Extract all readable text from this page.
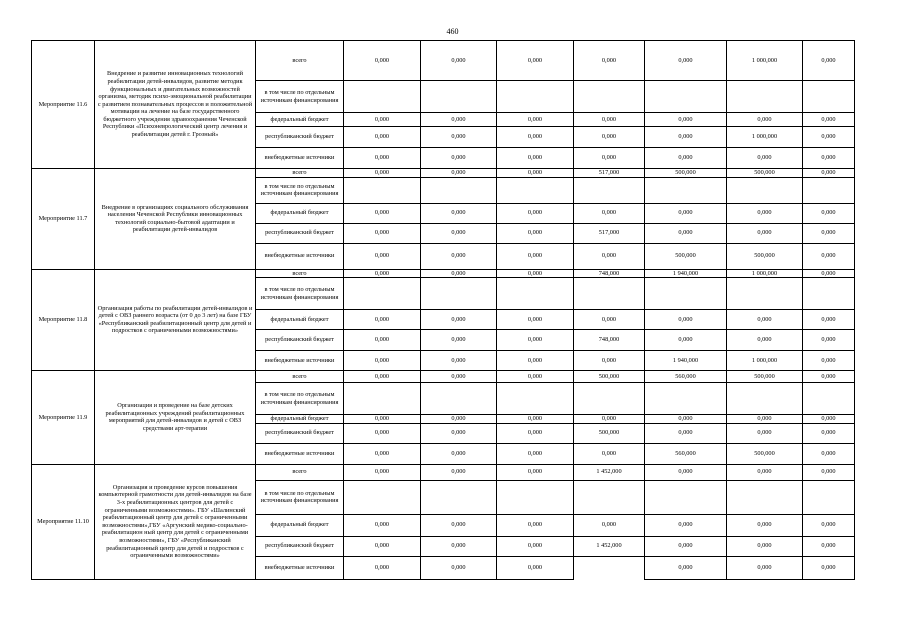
460
Мероприятие 11.6	Внедрение и развитие инновационных технологий реабилитации детей-инвалидов, развитие методик функциональных и двигательных возможностей организма, методик психо-эмоциональной реабилитации с развитием познавательных процессов и положительной мотивации на лечение на базе государственного бюджетного учреждения здравоохранения Чеченской Республики «Психоневрологический центр лечения и реабилитации детей г. Грозный»	всего	0,000	0,000	0,000	0,000	0,000	1 000,000	0,000
		в том числе по отдельным источникам финансирования							
		федеральный бюджет	0,000	0,000	0,000	0,000	0,000	0,000	0,000
		республиканский бюджет	0,000	0,000	0,000	0,000	0,000	1 000,000	0,000
		внебюджетные источники	0,000	0,000	0,000	0,000	0,000	0,000	0,000
Мероприятие 11.7	Внедрение в организациях социального обслуживания населения Чеченской Республики инновационных технологий социально-бытовой адаптации и реабилитации детей-инвалидов	всего	0,000	0,000	0,000	517,000	500,000	500,000	0,000
		в том числе по отдельным источникам финансирования							
		федеральный бюджет	0,000	0,000	0,000	0,000	0,000	0,000	0,000
		республиканский бюджет	0,000	0,000	0,000	517,000	0,000	0,000	0,000
		внебюджетные источники	0,000	0,000	0,000	0,000	500,000	500,000	0,000
Мероприятие 11.8	Организация работы по реабилитации детей-инвалидов и детей с ОВЗ раннего возраста (от 0 до 3 лет) на базе ГБУ «Республиканский реабилитационный центр для детей и подростков с ограниченными возможностями»	всего	0,000	0,000	0,000	748,000	1 940,000	1 000,000	0,000
		в том числе по отдельным источникам финансирования							
		федеральный бюджет	0,000	0,000	0,000	0,000	0,000	0,000	0,000
		республиканский бюджет	0,000	0,000	0,000	748,000	0,000	0,000	0,000
		внебюджетные источники	0,000	0,000	0,000	0,000	1 940,000	1 000,000	0,000
Мероприятие 11.9	Организация и проведение на базе детских реабилитационных учреждений реабилитационных мероприятий для детей-инвалидов и детей с ОВЗ средствами арт-терапии	всего	0,000	0,000	0,000	500,000	560,000	500,000	0,000
		в том числе по отдельным источникам финансирования							
		федеральный бюджет	0,000	0,000	0,000	0,000	0,000	0,000	0,000
		республиканский бюджет	0,000	0,000	0,000	500,000	0,000	0,000	0,000
		внебюджетные источники	0,000	0,000	0,000	0,000	560,000	500,000	0,000
Мероприятие 11.10	Организация и проведение курсов повышения компьютерной грамотности для детей-инвалидов на базе 3-х реабилитационных центров для детей с ограниченными возможностями». ГБУ «Шалинский реабилитационный центр для детей с ограниченными возможностями»,ГБУ «Аргунский медико-социально-реабилитацион ный центр для детей с ограниченными возможностями», ГБУ «Республиканский реабилитационный центр для детей и подростков с ограниченными возможностями»	всего	0,000	0,000	0,000	1 452,000	0,000	0,000	0,000
		в том числе по отдельным источникам финансирования							
		федеральный бюджет	0,000	0,000	0,000	0,000	0,000	0,000	0,000
		республиканский бюджет	0,000	0,000	0,000	1 452,000	0,000	0,000	0,000
		внебюджетные источники	0,000	0,000	0,000		0,000	0,000	0,000
